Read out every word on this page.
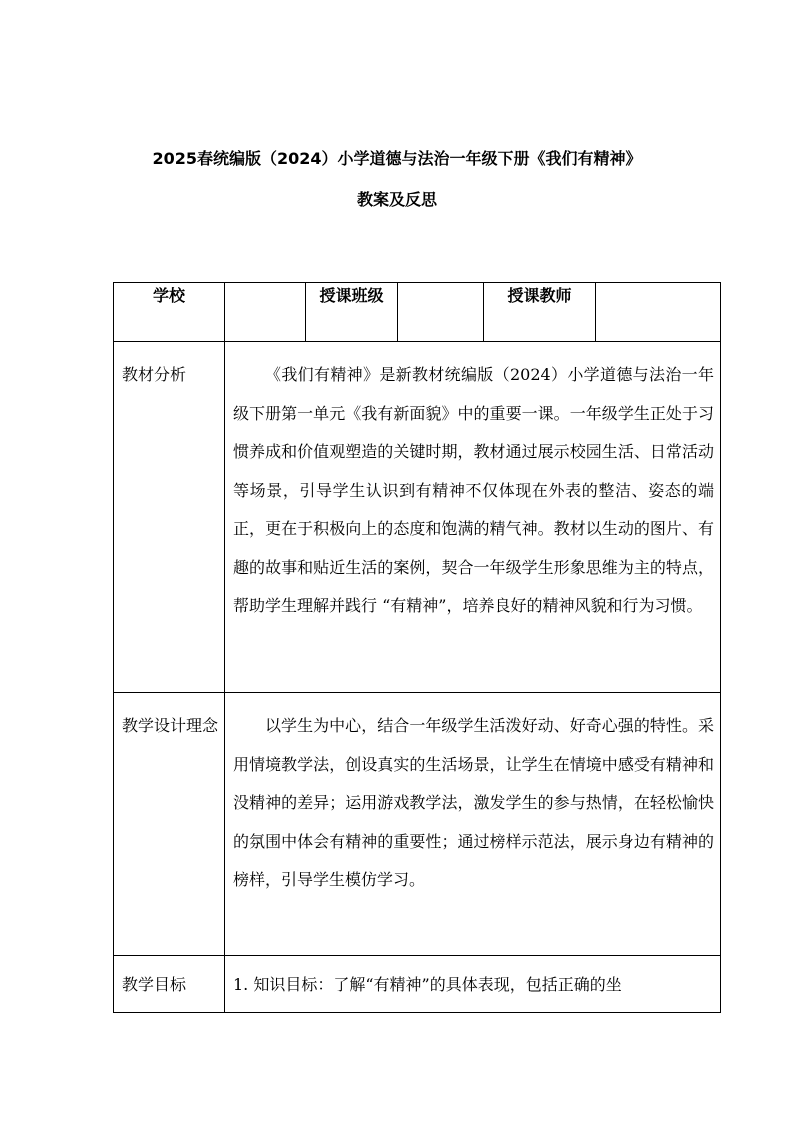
2025春统编版（2024）小学道德与法治一年级下册《我们有精神》
教案及反思
学校		授课班级		授课教师	
教材分析	《我们有精神》是新教材统编版（2024）小学道德与法治一年级下册第一单元《我有新面貌》中的重要一课。一年级学生正处于习惯养成和价值观塑造的关键时期，教材通过展示校园生活、日常活动等场景，引导学生认识到有精神不仅体现在外表的整洁、姿态的端正，更在于积极向上的态度和饱满的精气神。教材以生动的图片、有趣的故事和贴近生活的案例，契合一年级学生形象思维为主的特点，帮助学生理解并践行 “有精神”，培养良好的精神风貌和行为习惯。				

教学设计理念	以学生为中心，结合一年级学生活泼好动、好奇心强的特性。采用情境教学法，创设真实的生活场景，让学生在情境中感受有精神和没精神的差异；运用游戏教学法，激发学生的参与热情，在轻松愉快的氛围中体会有精神的重要性；通过榜样示范法，展示身边有精神的榜样，引导学生模仿学习。				

教学目标	1. 知识目标：了解“有精神”的具体表现，包括正确的坐				
